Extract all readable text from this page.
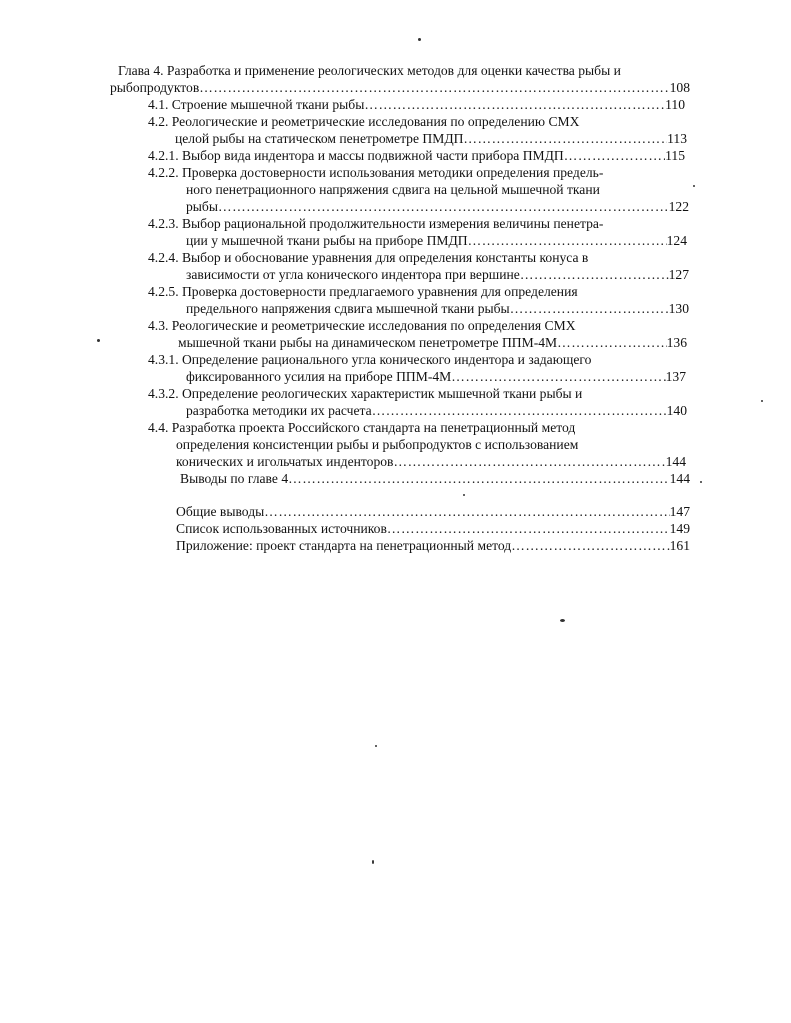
Глава 4. Разработка и применение реологических методов для оценки качества рыбы и
рыбопродуктов …………………………………………………………………………………………………………………………………………………………………………	108
4.1. Строение мышечной ткани рыбы …………………………………………………………………………………………………………………………………………………………………………	110
4.2. Реологические и реометрические исследования по определению СМХ
целой рыбы на статическом пенетрометре ПМДП …………………………………………………………………………………………………………………………………………………………………………	113
4.2.1. Выбор вида индентора и массы подвижной части прибора ПМДП …………………………………………………………………………………………………………………………………………………………………………	115
4.2.2. Проверка достоверности использования методики определения предель-
ного пенетрационного напряжения сдвига на цельной мышечной ткани
рыбы …………………………………………………………………………………………………………………………………………………………………………	122
4.2.3. Выбор рациональной продолжительности измерения величины пенетра-
ции у мышечной ткани рыбы на приборе ПМДП …………………………………………………………………………………………………………………………………………………………………………	124
4.2.4. Выбор и обоснование уравнения для определения константы конуса в
зависимости от угла конического индентора при вершине …………………………………………………………………………………………………………………………………………………………………………	127
4.2.5. Проверка достоверности предлагаемого уравнения для определения
предельного напряжения сдвига мышечной ткани рыбы …………………………………………………………………………………………………………………………………………………………………………	130
4.3. Реологические и реометрические исследования по определения СМХ
мышечной ткани рыбы на динамическом пенетрометре ППМ-4М …………………………………………………………………………………………………………………………………………………………………………	136
4.3.1. Определение рационального угла конического индентора и задающего
фиксированного усилия на приборе ППМ-4М …………………………………………………………………………………………………………………………………………………………………………	137
4.3.2. Определение реологических характеристик мышечной ткани рыбы и
разработка методики их расчета …………………………………………………………………………………………………………………………………………………………………………	140
4.4. Разработка проекта Российского стандарта на пенетрационный метод
определения консистенции рыбы и рыбопродуктов с использованием
конических и игольчатых инденторов …………………………………………………………………………………………………………………………………………………………………………	144
Выводы по главе 4 …………………………………………………………………………………………………………………………………………………………………………	144
Общие выводы …………………………………………………………………………………………………………………………………………………………………………	147
Список использованных источников …………………………………………………………………………………………………………………………………………………………………………	149
Приложение: проект стандарта на пенетрационный метод …………………………………………………………………………………………………………………………………………………………………………	161
